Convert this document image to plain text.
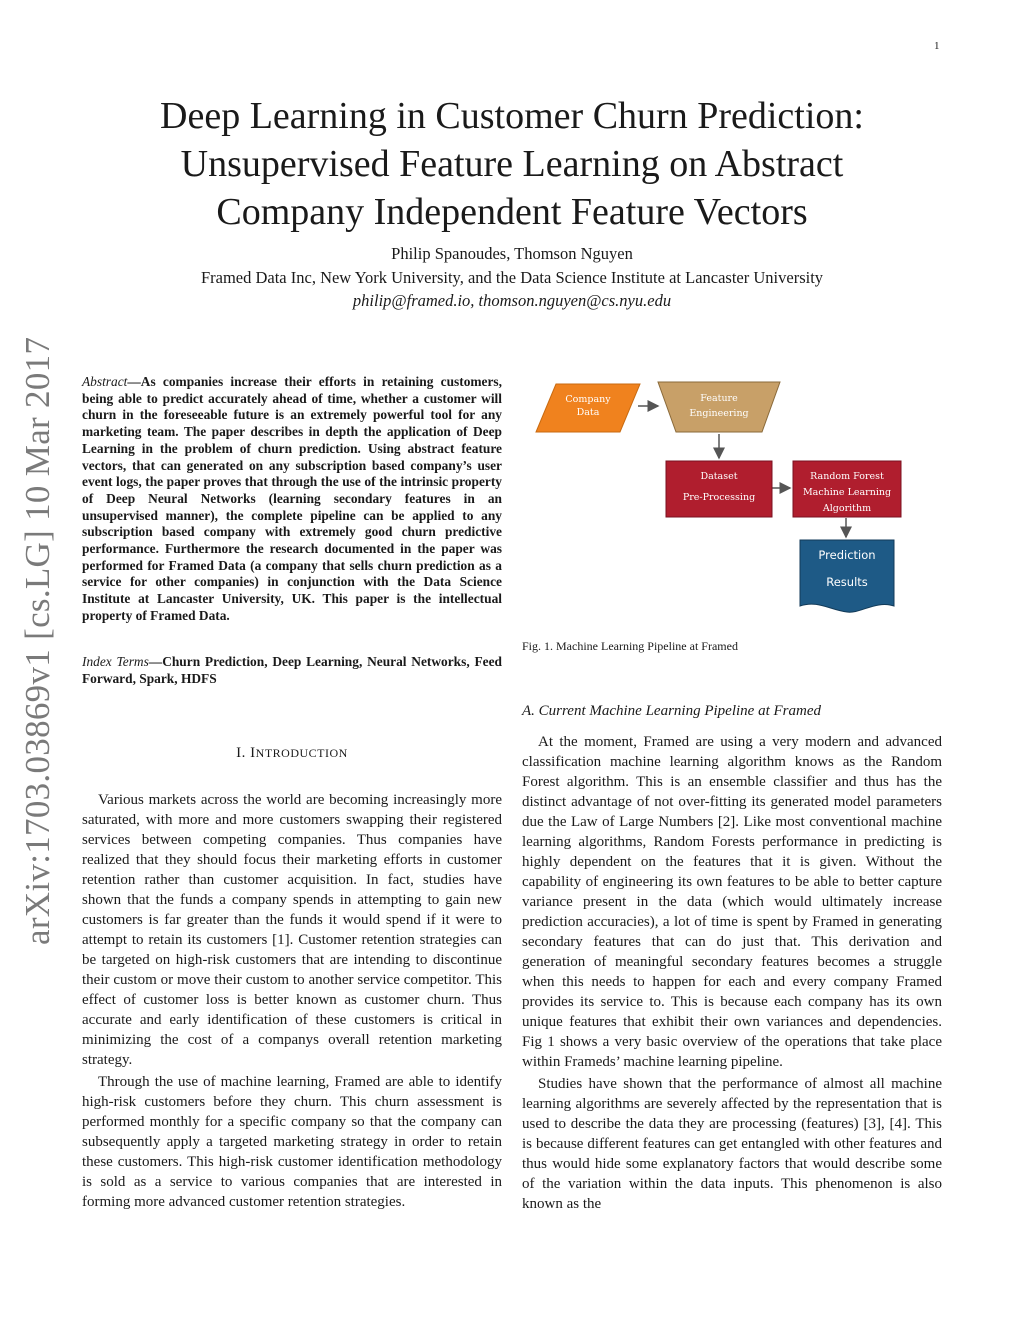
1
arXiv:1703.03869v1 [cs.LG] 10 Mar 2017
Deep Learning in Customer Churn Prediction:
Unsupervised Feature Learning on Abstract
Company Independent Feature Vectors
Philip Spanoudes, Thomson Nguyen
Framed Data Inc, New York University, and the Data Science Institute at Lancaster University
philip@framed.io, thomson.nguyen@cs.nyu.edu
Abstract—As companies increase their efforts in retaining customers, being able to predict accurately ahead of time, whether a customer will churn in the foreseeable future is an extremely powerful tool for any marketing team. The paper describes in depth the application of Deep Learning in the problem of churn prediction. Using abstract feature vectors, that can generated on any subscription based company’s user event logs, the paper proves that through the use of the intrinsic property of Deep Neural Networks (learning secondary features in an unsupervised manner), the complete pipeline can be applied to any subscription based company with extremely good churn predictive performance. Furthermore the research documented in the paper was performed for Framed Data (a company that sells churn prediction as a service for other companies) in conjunction with the Data Science Institute at Lancaster University, UK. This paper is the intellectual property of Framed Data.
Index Terms—Churn Prediction, Deep Learning, Neural Networks, Feed Forward, Spark, HDFS
I. INTRODUCTION

Various markets across the world are becoming increasingly more saturated, with more and more customers swapping their registered services between competing companies. Thus companies have realized that they should focus their marketing efforts in customer retention rather than customer acquisition. In fact, studies have shown that the funds a company spends in attempting to gain new customers is far greater than the funds it would spend if it were to attempt to retain its customers [1]. Customer retention strategies can be targeted on high-risk customers that are intending to discontinue their custom or move their custom to another service competitor. This effect of customer loss is better known as customer churn. Thus accurate and early identification of these customers is critical in minimizing the cost of a companys overall retention marketing strategy.

Through the use of machine learning, Framed are able to identify high-risk customers before they churn. This churn assessment is performed monthly for a specific company so that the company can subsequently apply a targeted marketing strategy in order to retain these customers. This high-risk customer identification methodology is sold as a service to various companies that are interested in forming more advanced customer retention strategies.

Company
Data
Feature
Engineering
Dataset
Pre-Processing
Random Forest
Machine Learning
Algorithm
Prediction
Results
Fig. 1. Machine Learning Pipeline at Framed
A. Current Machine Learning Pipeline at Framed

At the moment, Framed are using a very modern and advanced classification machine learning algorithm knows as the Random Forest algorithm. This is an ensemble classifier and thus has the distinct advantage of not over-fitting its generated model parameters due the Law of Large Numbers [2]. Like most conventional machine learning algorithms, Random Forests performance in predicting is highly dependent on the features that it is given. Without the capability of engineering its own features to be able to better capture variance present in the data (which would ultimately increase prediction accuracies), a lot of time is spent by Framed in generating secondary features that can do just that. This derivation and generation of meaningful secondary features becomes a struggle when this needs to happen for each and every company Framed provides its service to. This is because each company has its own unique features that exhibit their own variances and dependencies. Fig 1 shows a very basic overview of the operations that take place within Frameds’ machine learning pipeline.

Studies have shown that the performance of almost all machine learning algorithms are severely affected by the representation that is used to describe the data they are processing (features) [3], [4]. This is because different features can get entangled with other features and thus would hide some explanatory factors that would describe some of the variation within the data inputs. This phenomenon is also known as the
